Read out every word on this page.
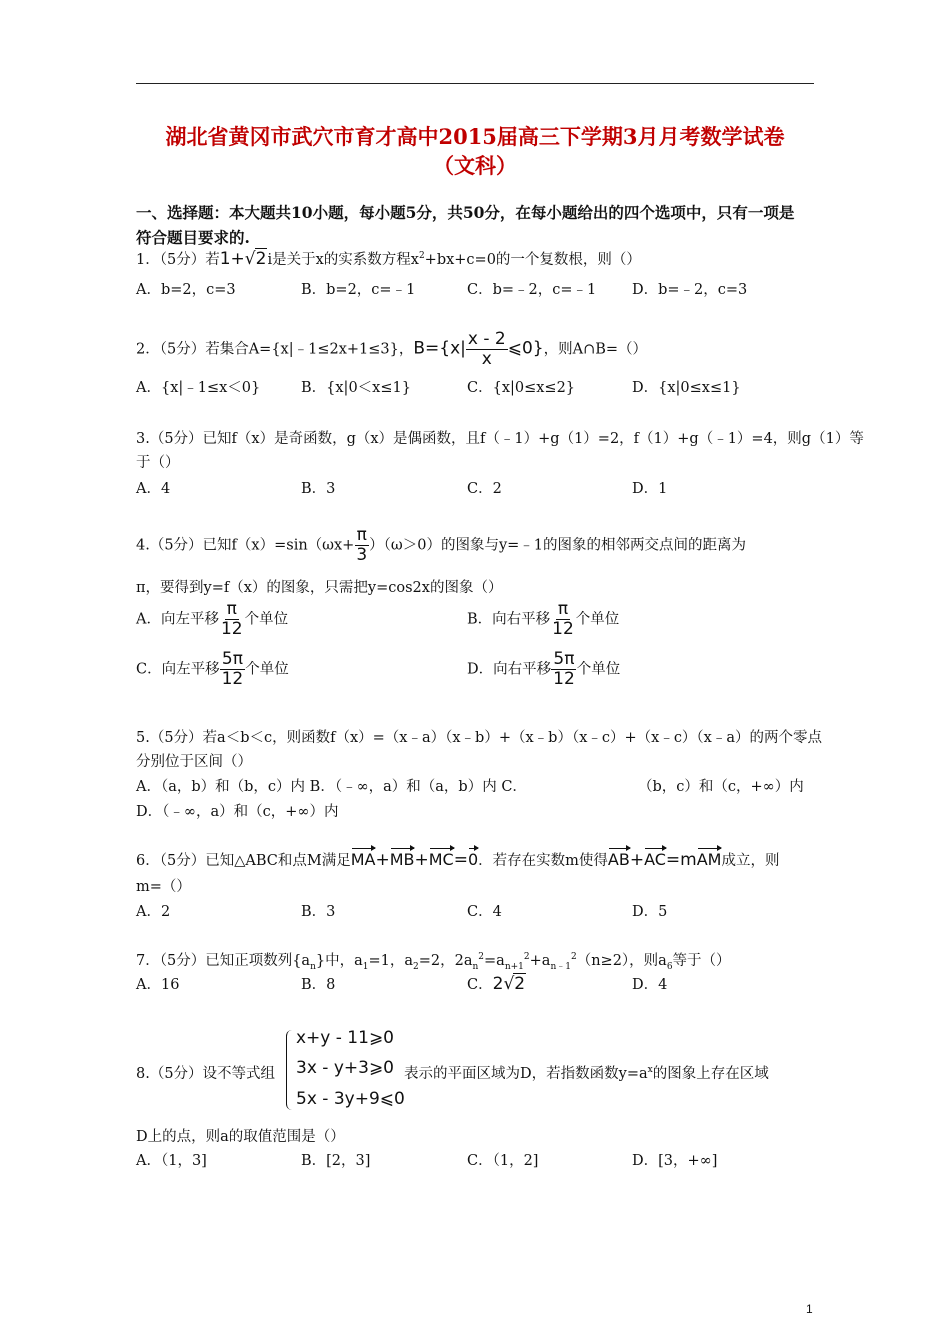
湖北省黄冈市武穴市育才高中2015届高三下学期3月月考数学试卷
（文科）
一、选择题：本大题共10小题，每小题5分，共50分，在每小题给出的四个选项中，只有一项是
符合题目要求的.
1．（5分）若1+√2i是关于x的实系数方程$x^2+bx+c=0$的一个复数根，则（）
A．b=2，c=3	B．b=2，c=﹣1	C．b=﹣2，c=﹣1 D．b=﹣2，c=3
2．（5分）若集合A={x|﹣1≤2x+1≤3}，$B=\{x| \frac{x - 2}{x}$ ⩽0}，则A∩B=（）
A．{x|﹣1≤x＜0}	B．{x|0＜x≤1}	C．{x|0≤x≤2}	D．{x|0≤x≤1}
3.（5分）已知f（x）是奇函数，g（x）是偶函数，且f（﹣1）+g（1）=2，f（1）+g（﹣1）=4，则g（1）等
于（）
A．4	B．3	C．2	D．1
4.（5分）已知$f(x)=\sin(\omega x+ \frac{\pi}{3} )(\omega>0)$的图象与y=﹣1的图象的相邻两交点间的距离为
π，要得到y=f（x）的图象，只需把y=cos2x的图象（）
A．向左平移 $\frac{\pi}{12}$ 个单位	B．向右平移 $\frac{\pi}{12}$ 个单位
C．向左平移 $\frac{5\pi}{12}$ 个单位	D．向右平移 $\frac{5\pi}{12}$ 个单位
5.（5分）若a＜b＜c，则函数f（x）=（x﹣a）（x﹣b）+（x﹣b）（x﹣c）+（x﹣c）（x﹣a）的两个零点
分别位于区间（）
A．（a，b）和（b，c）内 B．（﹣∞，a）和（a，b）内 C．	（b，c）和（c，+∞）内
D．（﹣∞，a）和（c，+∞）内
6．（5分）已知△ABC和点M满足MA+MB+MC=0．若存在实数m使得AB+AC=mAM成立，则
m=（）
A．2	B．3	C．4	D．5
7．（5分）已知正项数列$\{a_n\}$中，$a_1=1$，$a_2=2$，$2a_n^2=a_{n+1}^2+a_{n﹣1}^2(n\ge 2)$，则$a_6$等于（）
A．16	B．8	C．2√2	D．4
x+y - 11⩾0
3x - y+3⩾0
5x - 3y+9⩽0
8.（5分）设不等式组	表示的平面区域为D，若指数函数$y=a^x$的图象上存在区域
D上的点，则a的取值范围是（）
A．（1，3]	B．[2，3]	C．（1，2]	D．[3，+∞]
1
